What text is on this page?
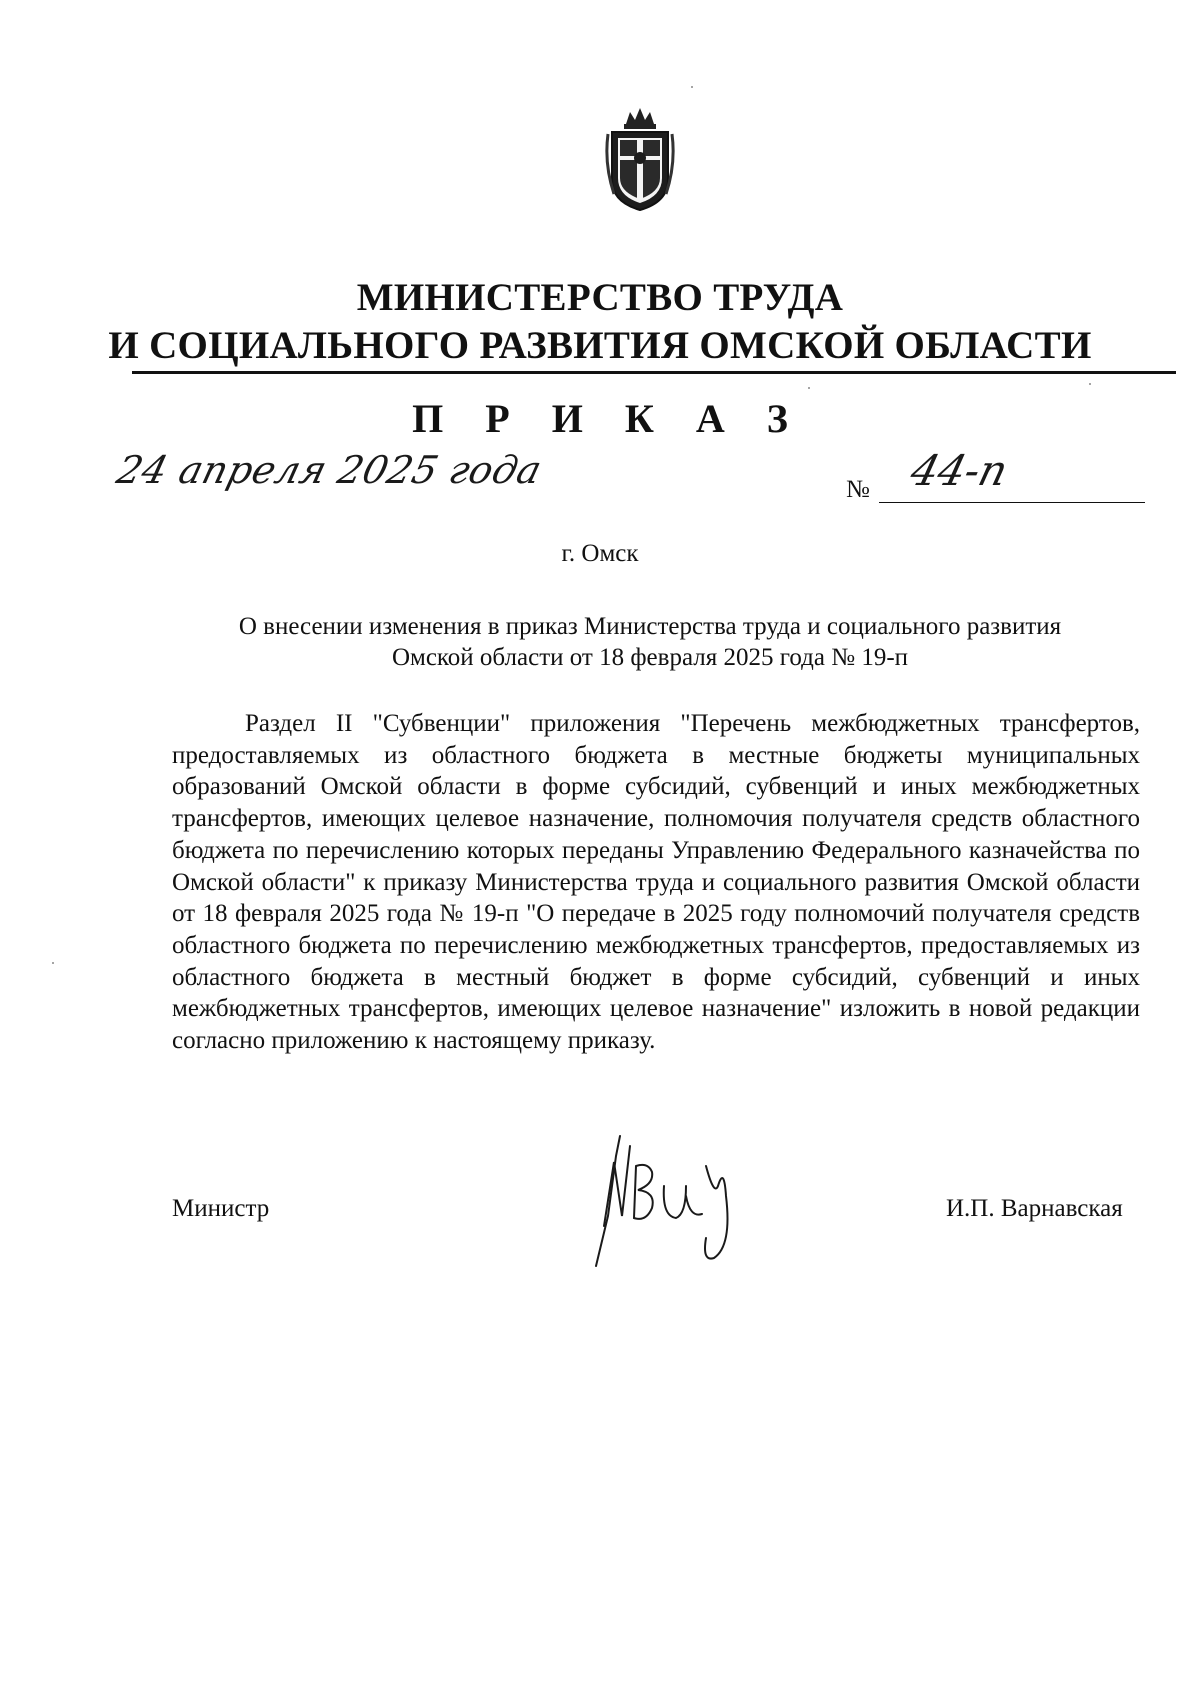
МИНИСТЕРСТВО ТРУДА
И СОЦИАЛЬНОГО РАЗВИТИЯ ОМСКОЙ ОБЛАСТИ
П Р И К А З
24 апреля 2025 года	№ 44-п
г. Омск
О внесении изменения в приказ Министерства труда и социального развития
Омской области от 18 февраля 2025 года № 19-п

Раздел II "Субвенции" приложения "Перечень межбюджетных трансфертов, предоставляемых из областного бюджета в местные бюджеты муниципальных образований Омской области в форме субсидий, субвенций и иных межбюджетных трансфертов, имеющих целевое назначение, полномочия получателя средств областного бюджета по перечислению которых переданы Управлению Федерального казначейства по Омской области" к приказу Министерства труда и социального развития Омской области от 18 февраля 2025 года № 19-п "О передаче в 2025 году полномочий получателя средств областного бюджета по перечислению межбюджетных трансфертов, предоставляемых из областного бюджета в местный бюджет в форме субсидий, субвенций и иных межбюджетных трансфертов, имеющих целевое назначение" изложить в новой редакции согласно приложению к настоящему приказу.

Министр	И.П. Варнавская
